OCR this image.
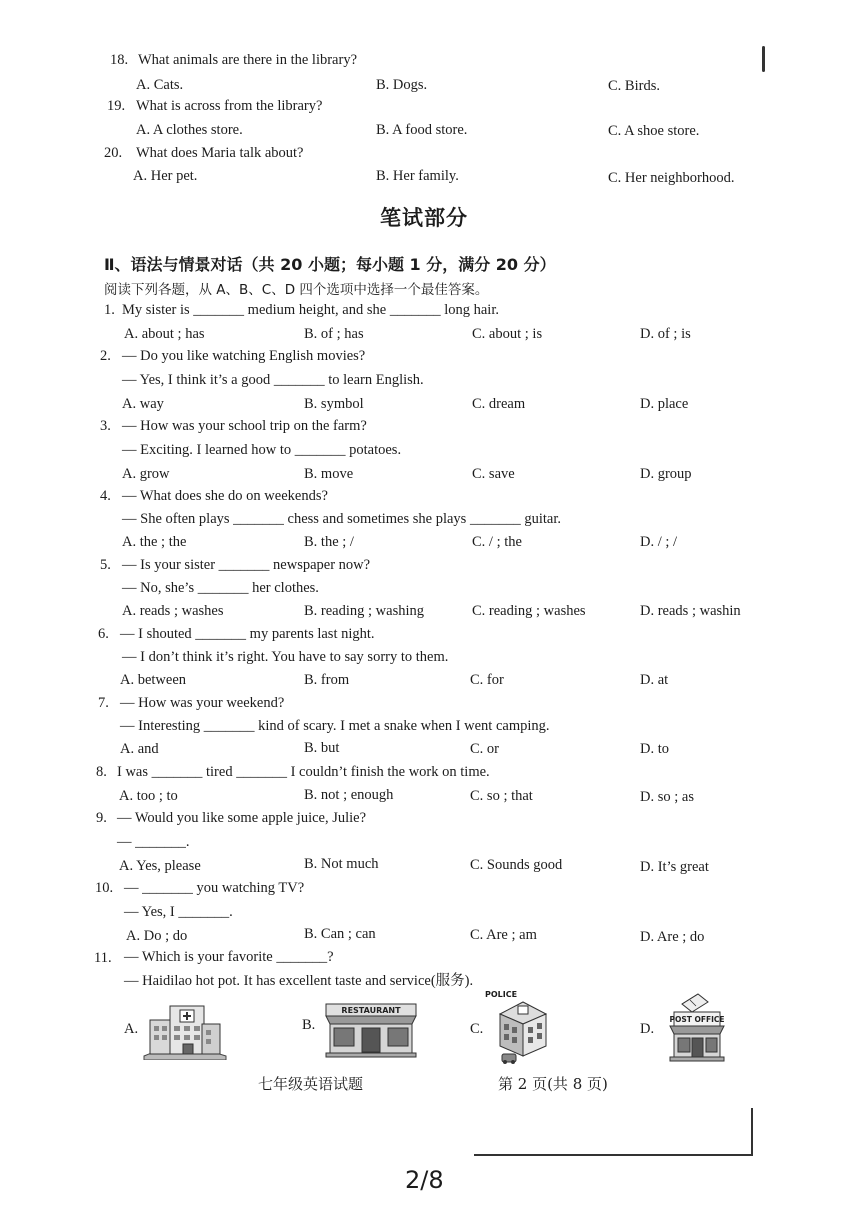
18. What animals are there in the library?
A. Cats.	B. Dogs.	C. Birds.
19. What is across from the library?
A. A clothes store.	B. A food store.	C. A shoe store.
20. What does Maria talk about?
A. Her pet.	B. Her family.	C. Her neighborhood.
笔试部分
Ⅱ、语法与情景对话（共 20 小题；每小题 1 分，满分 20 分）
阅读下列各题，从 A、B、C、D 四个选项中选择一个最佳答案。
1. My sister is _______ medium height, and she _______ long hair.
A. about ; has	B. of ; has	C. about ; is	D. of ; is
2. — Do you like watching English movies?
— Yes, I think it’s a good _______ to learn English.
A. way	B. symbol	C. dream	D. place
3. — How was your school trip on the farm?
— Exciting. I learned how to _______ potatoes.
A. grow	B. move	C. save	D. group
4. — What does she do on weekends?
— She often plays _______ chess and sometimes she plays _______ guitar.
A. the ; the	B. the ; /	C. / ; the	D. / ; /
5. — Is your sister _______ newspaper now?
— No, she’s _______ her clothes.
A. reads ; washes	B. reading ; washing	C. reading ; washes	D. reads ; washin
6. — I shouted _______ my parents last night.
— I don’t think it’s right. You have to say sorry to them.
A. between	B. from	C. for	D. at
7. — How was your weekend?
— Interesting _______ kind of scary. I met a snake when I went camping.
A. and	B. but	C. or	D. to
8. I was _______ tired _______ I couldn’t finish the work on time.
A. too ; to	B. not ; enough	C. so ; that	D. so ; as
9. — Would you like some apple juice, Julie?
— _______.
A. Yes, please	B. Not much	C. Sounds good	D. It’s great
10. — _______ you watching TV?
— Yes, I _______.
A. Do ; do	B. Can ; can	C. Are ; am	D. Are ; do
11. — Which is your favorite _______?
— Haidilao hot pot. It has excellent taste and service(服务).
A.	B.	C.	D.
RESTAURANT
POLICE
POST OFFICE
七年级英语试题	第 2 页(共 8 页)
2/8
